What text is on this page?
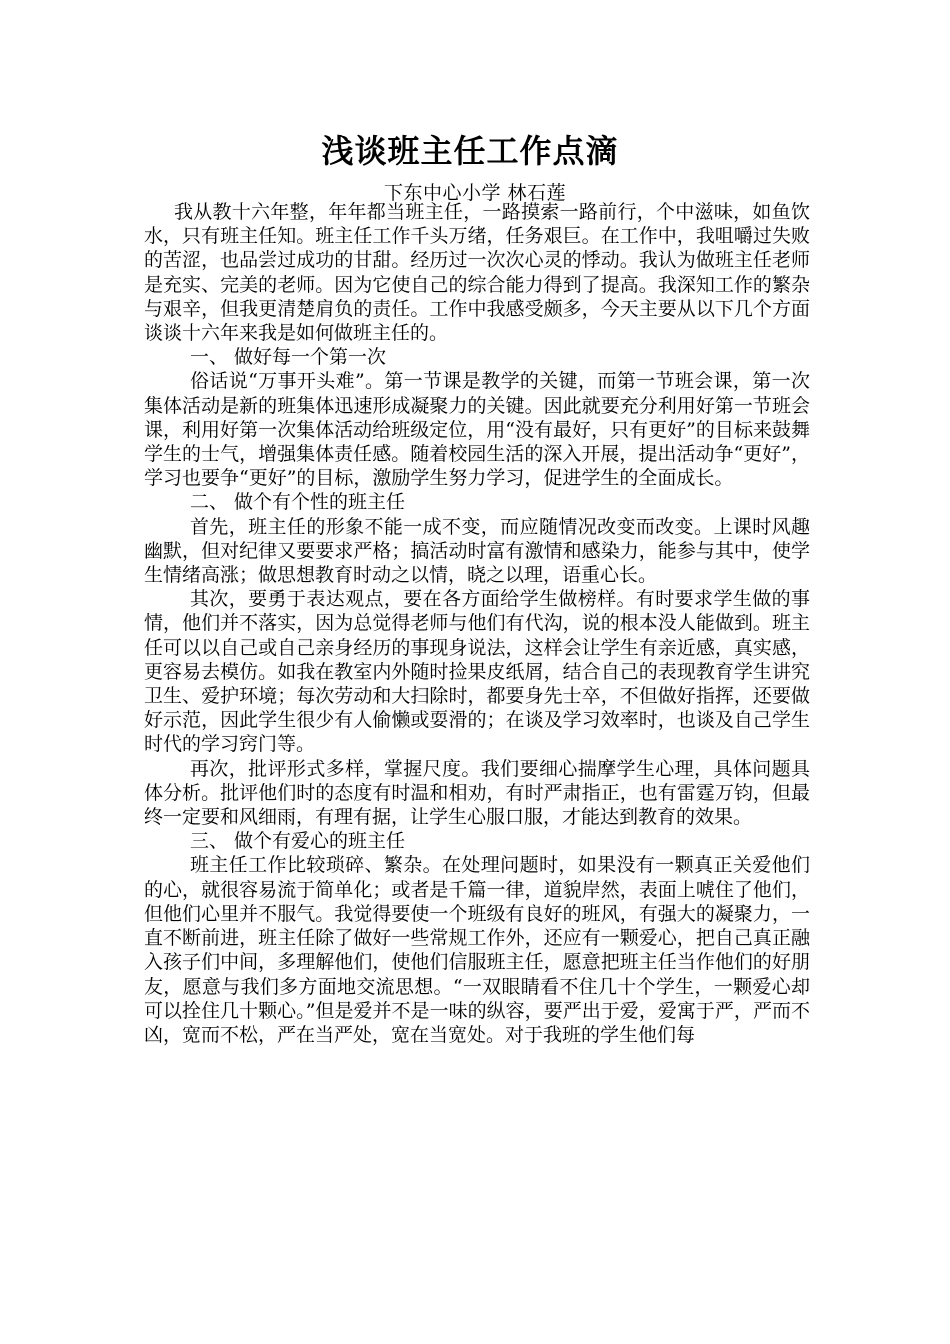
浅谈班主任工作点滴
下东中心小学 林石莲

我从教十六年整，年年都当班主任，一路摸索一路前行，个中滋味，如鱼饮水，只有班主任知。班主任工作千头万绪，任务艰巨。在工作中，我咀嚼过失败的苦涩，也品尝过成功的甘甜。经历过一次次心灵的悸动。我认为做班主任老师是充实、完美的老师。因为它使自己的综合能力得到了提高。我深知工作的繁杂与艰辛，但我更清楚肩负的责任。工作中我感受颇多，今天主要从以下几个方面谈谈十六年来我是如何做班主任的。

一、 做好每一个第一次

俗话说“万事开头难”。第一节课是教学的关键，而第一节班会课，第一次集体活动是新的班集体迅速形成凝聚力的关键。因此就要充分利用好第一节班会课，利用好第一次集体活动给班级定位，用“没有最好，只有更好”的目标来鼓舞学生的士气，增强集体责任感。随着校园生活的深入开展，提出活动争“更好”，学习也要争“更好”的目标，激励学生努力学习，促进学生的全面成长。

二、 做个有个性的班主任

首先，班主任的形象不能一成不变，而应随情况改变而改变。上课时风趣幽默，但对纪律又要要求严格；搞活动时富有激情和感染力，能参与其中，使学生情绪高涨；做思想教育时动之以情，晓之以理，语重心长。

其次，要勇于表达观点，要在各方面给学生做榜样。有时要求学生做的事情，他们并不落实，因为总觉得老师与他们有代沟，说的根本没人能做到。班主任可以以自己或自己亲身经历的事现身说法，这样会让学生有亲近感，真实感，更容易去模仿。如我在教室内外随时捡果皮纸屑，结合自己的表现教育学生讲究卫生、爱护环境；每次劳动和大扫除时，都要身先士卒，不但做好指挥，还要做好示范，因此学生很少有人偷懒或耍滑的；在谈及学习效率时，也谈及自己学生时代的学习窍门等。

再次，批评形式多样，掌握尺度。我们要细心揣摩学生心理，具体问题具体分析。批评他们时的态度有时温和相劝，有时严肃指正，也有雷霆万钧，但最终一定要和风细雨，有理有据，让学生心服口服，才能达到教育的效果。

三、 做个有爱心的班主任

班主任工作比较琐碎、繁杂。在处理问题时，如果没有一颗真正关爱他们的心，就很容易流于简单化；或者是千篇一律，道貌岸然，表面上唬住了他们，但他们心里并不服气。我觉得要使一个班级有良好的班风，有强大的凝聚力，一直不断前进，班主任除了做好一些常规工作外，还应有一颗爱心，把自己真正融入孩子们中间，多理解他们，使他们信服班主任，愿意把班主任当作他们的好朋友，愿意与我们多方面地交流思想。“一双眼睛看不住几十个学生，一颗爱心却可以拴住几十颗心。”但是爱并不是一味的纵容，要严出于爱，爱寓于严，严而不凶，宽而不松，严在当严处，宽在当宽处。对于我班的学生他们每
